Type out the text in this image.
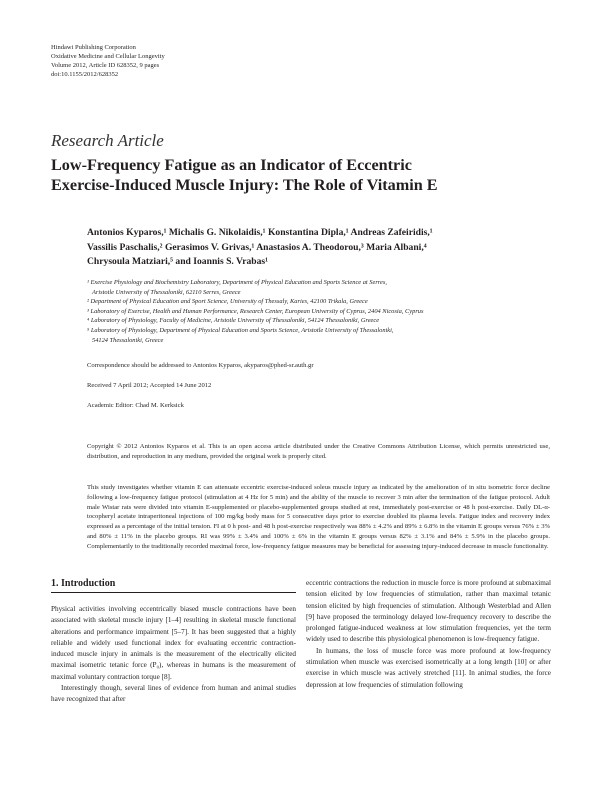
Hindawi Publishing Corporation
Oxidative Medicine and Cellular Longevity
Volume 2012, Article ID 628352, 9 pages
doi:10.1155/2012/628352
Research Article
Low-Frequency Fatigue as an Indicator of Eccentric
Exercise-Induced Muscle Injury: The Role of Vitamin E
Antonios Kyparos,¹ Michalis G. Nikolaidis,¹ Konstantina Dipla,¹ Andreas Zafeiridis,¹
Vassilis Paschalis,² Gerasimos V. Grivas,¹ Anastasios A. Theodorou,³ Maria Albani,⁴
Chrysoula Matziari,⁵ and Ioannis S. Vrabas¹
¹ Exercise Physiology and Biochemistry Laboratory, Department of Physical Education and Sports Science at Serres,
Aristotle University of Thessaloniki, 62110 Serres, Greece
² Department of Physical Education and Sport Science, University of Thessaly, Karies, 42100 Trikala, Greece
³ Laboratory of Exercise, Health and Human Performance, Research Center, European University of Cyprus, 2404 Nicosia, Cyprus
⁴ Laboratory of Physiology, Faculty of Medicine, Aristotle University of Thessaloniki, 54124 Thessaloniki, Greece
⁵ Laboratory of Physiology, Department of Physical Education and Sports Science, Aristotle University of Thessaloniki,
54124 Thessaloniki, Greece
Correspondence should be addressed to Antonios Kyparos, akyparos@phed-sr.auth.gr
Received 7 April 2012; Accepted 14 June 2012
Academic Editor: Chad M. Kerksick
Copyright © 2012 Antonios Kyparos et al. This is an open access article distributed under the Creative Commons Attribution License, which permits unrestricted use, distribution, and reproduction in any medium, provided the original work is properly cited.
This study investigates whether vitamin E can attenuate eccentric exercise-induced soleus muscle injury as indicated by the amelioration of in situ isometric force decline following a low-frequency fatigue protocol (stimulation at 4 Hz for 5 min) and the ability of the muscle to recover 3 min after the termination of the fatigue protocol. Adult male Wistar rats were divided into vitamin E-supplemented or placebo-supplemented groups studied at rest, immediately post-exercise or 48 h post-exercise. Daily DL-α-tocopheryl acetate intraperitoneal injections of 100 mg/kg body mass for 5 consecutive days prior to exercise doubled its plasma levels. Fatigue index and recovery index expressed as a percentage of the initial tension. FI at 0 h post- and 48 h post-exercise respectively was 88% ± 4.2% and 89% ± 6.8% in the vitamin E groups versus 76% ± 3% and 80% ± 11% in the placebo groups. RI was 99% ± 3.4% and 100% ± 6% in the vitamin E groups versus 82% ± 3.1% and 84% ± 5.9% in the placebo groups. Complementarily to the traditionally recorded maximal force, low-frequency fatigue measures may be beneficial for assessing injury-induced decrease in muscle functionality.
1. Introduction

Physical activities involving eccentrically biased muscle contractions have been associated with skeletal muscle injury [1–4] resulting in skeletal muscle functional alterations and performance impairment [5–7]. It has been suggested that a highly reliable and widely used functional index for evaluating eccentric contraction-induced muscle injury in animals is the measurement of the electrically elicited maximal isometric tetanic force (P₀), whereas in humans is the measurement of maximal voluntary contraction torque [8].

Interestingly though, several lines of evidence from human and animal studies have recognized that after

eccentric contractions the reduction in muscle force is more profound at submaximal tension elicited by low frequencies of stimulation, rather than maximal tetanic tension elicited by high frequencies of stimulation. Although Westerblad and Allen [9] have proposed the terminology delayed low-frequency recovery to describe the prolonged fatigue-induced weakness at low stimulation frequencies, yet the term widely used to describe this physiological phenomenon is low-frequency fatigue.

In humans, the loss of muscle force was more profound at low-frequency stimulation when muscle was exercised isometrically at a long length [10] or after exercise in which muscle was actively stretched [11]. In animal studies, the force depression at low frequencies of stimulation following
